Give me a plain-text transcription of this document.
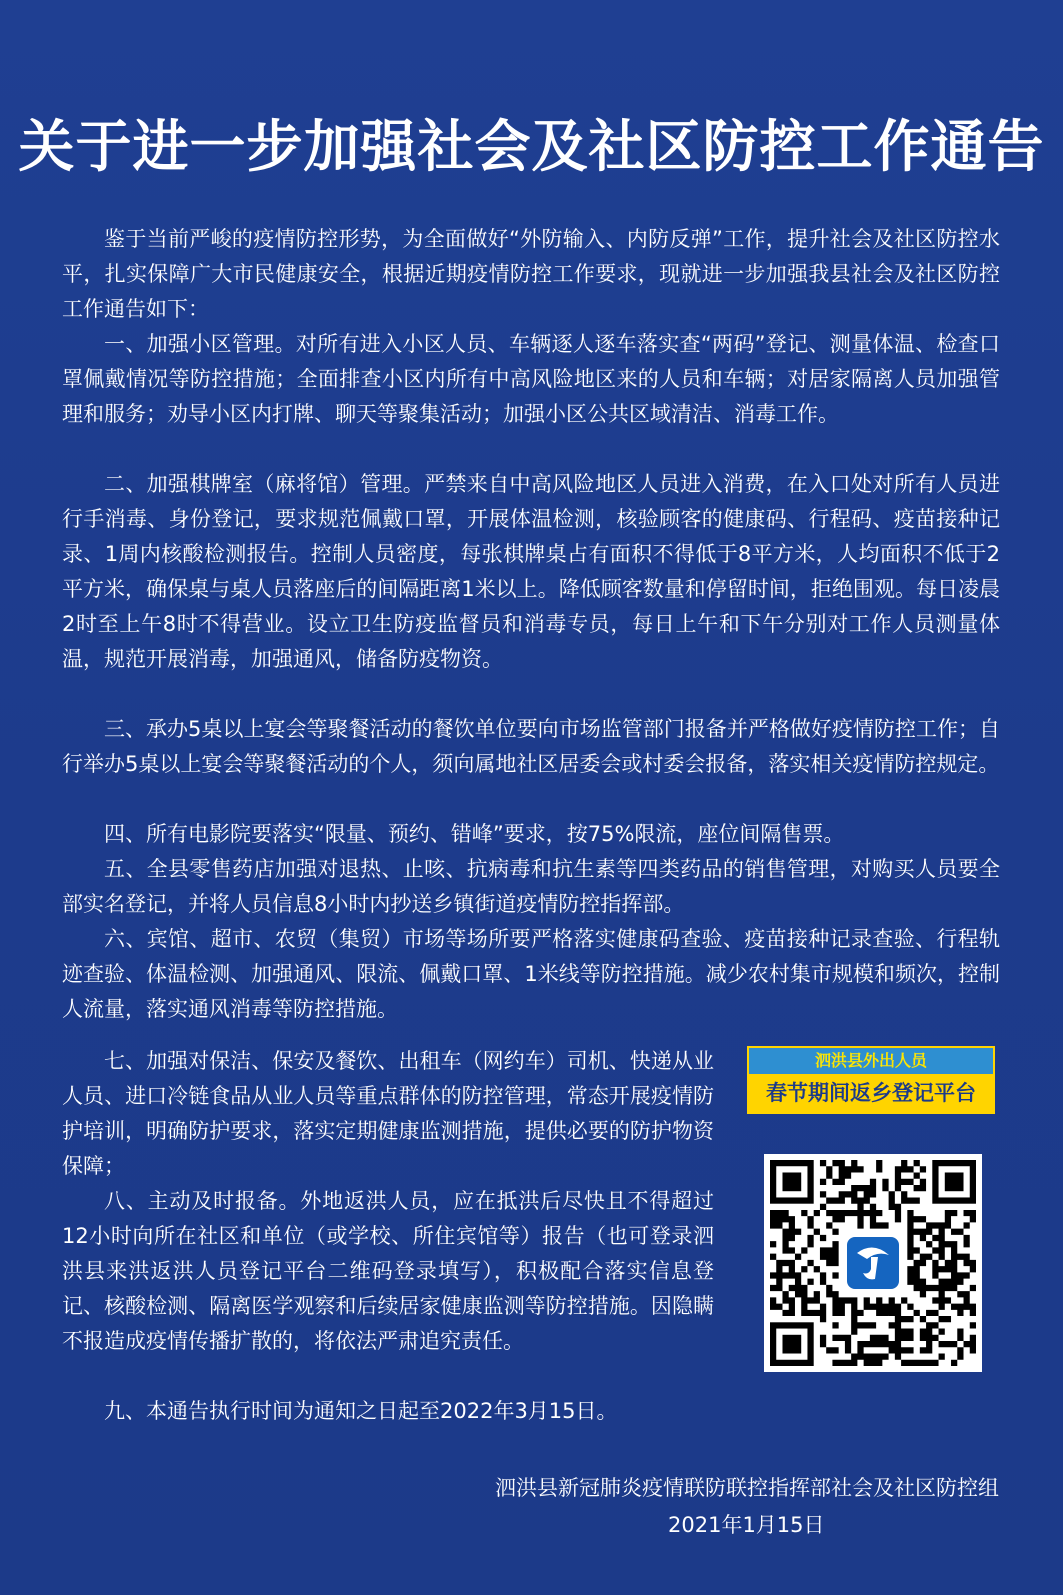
关于进一步加强社会及社区防控工作通告
鉴于当前严峻的疫情防控形势，为全面做好“外防输入、内防反弹”工作，提升社会及社区防控水平，扎实保障广大市民健康安全，根据近期疫情防控工作要求，现就进一步加强我县社会及社区防控工作通告如下：
一、加强小区管理。对所有进入小区人员、车辆逐人逐车落实查“两码”登记、测量体温、检查口罩佩戴情况等防控措施；全面排查小区内所有中高风险地区来的人员和车辆；对居家隔离人员加强管理和服务；劝导小区内打牌、聊天等聚集活动；加强小区公共区域清洁、消毒工作。
二、加强棋牌室（麻将馆）管理。严禁来自中高风险地区人员进入消费，在入口处对所有人员进行手消毒、身份登记，要求规范佩戴口罩，开展体温检测，核验顾客的健康码、行程码、疫苗接种记录、1周内核酸检测报告。控制人员密度，每张棋牌桌占有面积不得低于8平方米，人均面积不低于2平方米，确保桌与桌人员落座后的间隔距离1米以上。降低顾客数量和停留时间，拒绝围观。每日凌晨2时至上午8时不得营业。设立卫生防疫监督员和消毒专员，每日上午和下午分别对工作人员测量体温，规范开展消毒，加强通风，储备防疫物资。
三、承办5桌以上宴会等聚餐活动的餐饮单位要向市场监管部门报备并严格做好疫情防控工作；自行举办5桌以上宴会等聚餐活动的个人，须向属地社区居委会或村委会报备，落实相关疫情防控规定。
四、所有电影院要落实“限量、预约、错峰”要求，按75%限流，座位间隔售票。
五、全县零售药店加强对退热、止咳、抗病毒和抗生素等四类药品的销售管理，对购买人员要全部实名登记，并将人员信息8小时内抄送乡镇街道疫情防控指挥部。
六、宾馆、超市、农贸（集贸）市场等场所要严格落实健康码查验、疫苗接种记录查验、行程轨迹查验、体温检测、加强通风、限流、佩戴口罩、1米线等防控措施。减少农村集市规模和频次，控制人流量，落实通风消毒等防控措施。
七、加强对保洁、保安及餐饮、出租车（网约车）司机、快递从业人员、进口冷链食品从业人员等重点群体的防控管理，常态开展疫情防护培训，明确防护要求，落实定期健康监测措施，提供必要的防护物资保障；
八、主动及时报备。外地返洪人员，应在抵洪后尽快且不得超过12小时向所在社区和单位（或学校、所住宾馆等）报告（也可登录泗洪县来洪返洪人员登记平台二维码登录填写），积极配合落实信息登记、核酸检测、隔离医学观察和后续居家健康监测等防控措施。因隐瞒不报造成疫情传播扩散的，将依法严肃追究责任。
九、本通告执行时间为通知之日起至2022年3月15日。
泗洪县外出人员
春节期间返乡登记平台
泗洪县新冠肺炎疫情联防联控指挥部社会及社区防控组
2021年1月15日
